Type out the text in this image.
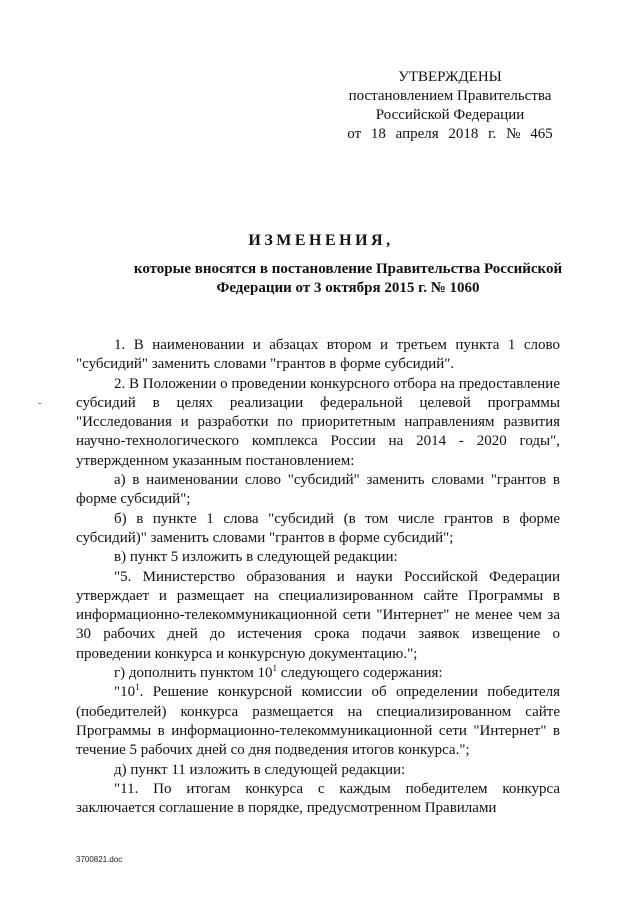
УТВЕРЖДЕНЫ
постановлением Правительства
Российской Федерации
от 18 апреля 2018 г. № 465
ИЗМЕНЕНИЯ,
которые вносятся в постановление Правительства Российской Федерации от 3 октября 2015 г. № 1060
-

1. В наименовании и абзацах втором и третьем пункта 1 слово "субсидий" заменить словами "грантов в форме субсидий".

2. В Положении о проведении конкурсного отбора на предоставление субсидий в целях реализации федеральной целевой программы "Исследования и разработки по приоритетным направлениям развития научно-технологического комплекса России на 2014 - 2020 годы", утвержденном указанным постановлением:

а) в наименовании слово "субсидий" заменить словами "грантов в форме субсидий";

б) в пункте 1 слова "субсидий (в том числе грантов в форме субсидий)" заменить словами "грантов в форме субсидий";

в) пункт 5 изложить в следующей редакции:

"5. Министерство образования и науки Российской Федерации утверждает и размещает на специализированном сайте Программы в информационно-телекоммуникационной сети "Интернет" не менее чем за 30 рабочих дней до истечения срока подачи заявок извещение о проведении конкурса и конкурсную документацию.";

г) дополнить пунктом $10^1$ следующего содержания:

"$10^1$. Решение конкурсной комиссии об определении победителя (победителей) конкурса размещается на специализированном сайте Программы в информационно-телекоммуникационной сети "Интернет" в течение 5 рабочих дней со дня подведения итогов конкурса.";

д) пункт 11 изложить в следующей редакции:

"11. По итогам конкурса с каждым победителем конкурса заключается соглашение в порядке, предусмотренном Правилами

3700821.doc
